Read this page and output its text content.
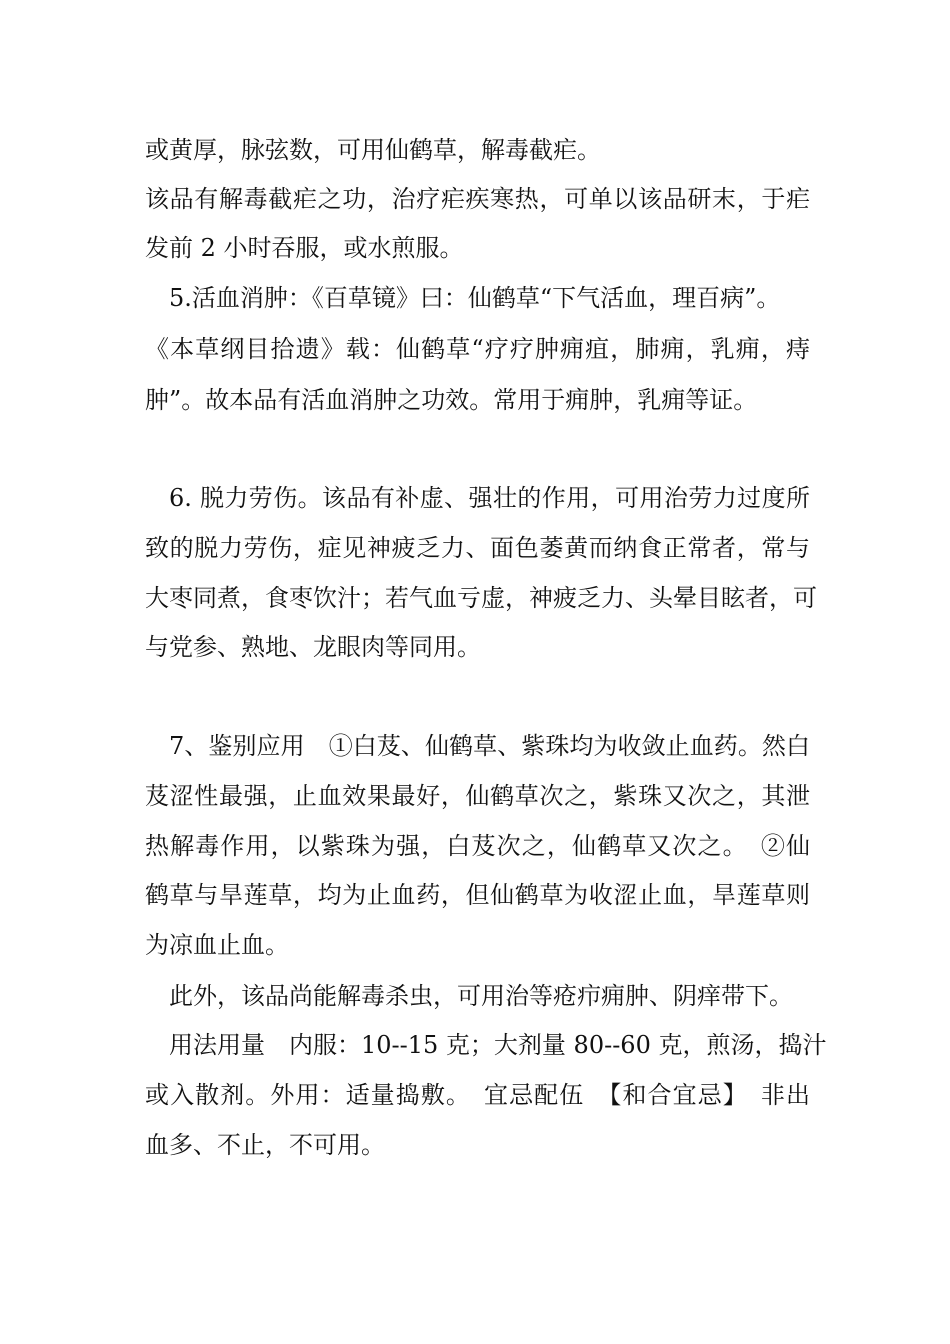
或黄厚，脉弦数，可用仙鹤草，解毒截疟。
该品有解毒截疟之功，治疗疟疾寒热，可单以该品研末，于疟
发前 2 小时吞服，或水煎服。
5.活血消肿：《百草镜》曰：仙鹤草“下气活血，理百病”。
《本草纲目拾遗》载：仙鹤草“疗疗肿痈疽，肺痈，乳痈，痔
肿”。故本品有活血消肿之功效。常用于痈肿，乳痈等证。
6. 脱力劳伤。该品有补虚、强壮的作用，可用治劳力过度所
致的脱力劳伤，症见神疲乏力、面色萎黄而纳食正常者，常与
大枣同煮，食枣饮汁；若气血亏虚，神疲乏力、头晕目眩者，可
与党参、熟地、龙眼肉等同用。
7、鉴别应用　①白芨、仙鹤草、紫珠均为收敛止血药。然白
芨涩性最强，止血效果最好，仙鹤草次之，紫珠又次之，其泄
热解毒作用，以紫珠为强，白芨次之，仙鹤草又次之。　②仙
鹤草与旱莲草，均为止血药，但仙鹤草为收涩止血，旱莲草则
为凉血止血。
此外，该品尚能解毒杀虫，可用治等疮疖痈肿、阴痒带下。
用法用量　内服：10--15 克；大剂量 80--60 克，煎汤，捣汁
或入散剂。外用：适量捣敷。　宜忌配伍　【和合宜忌】　非出
血多、不止，不可用。
